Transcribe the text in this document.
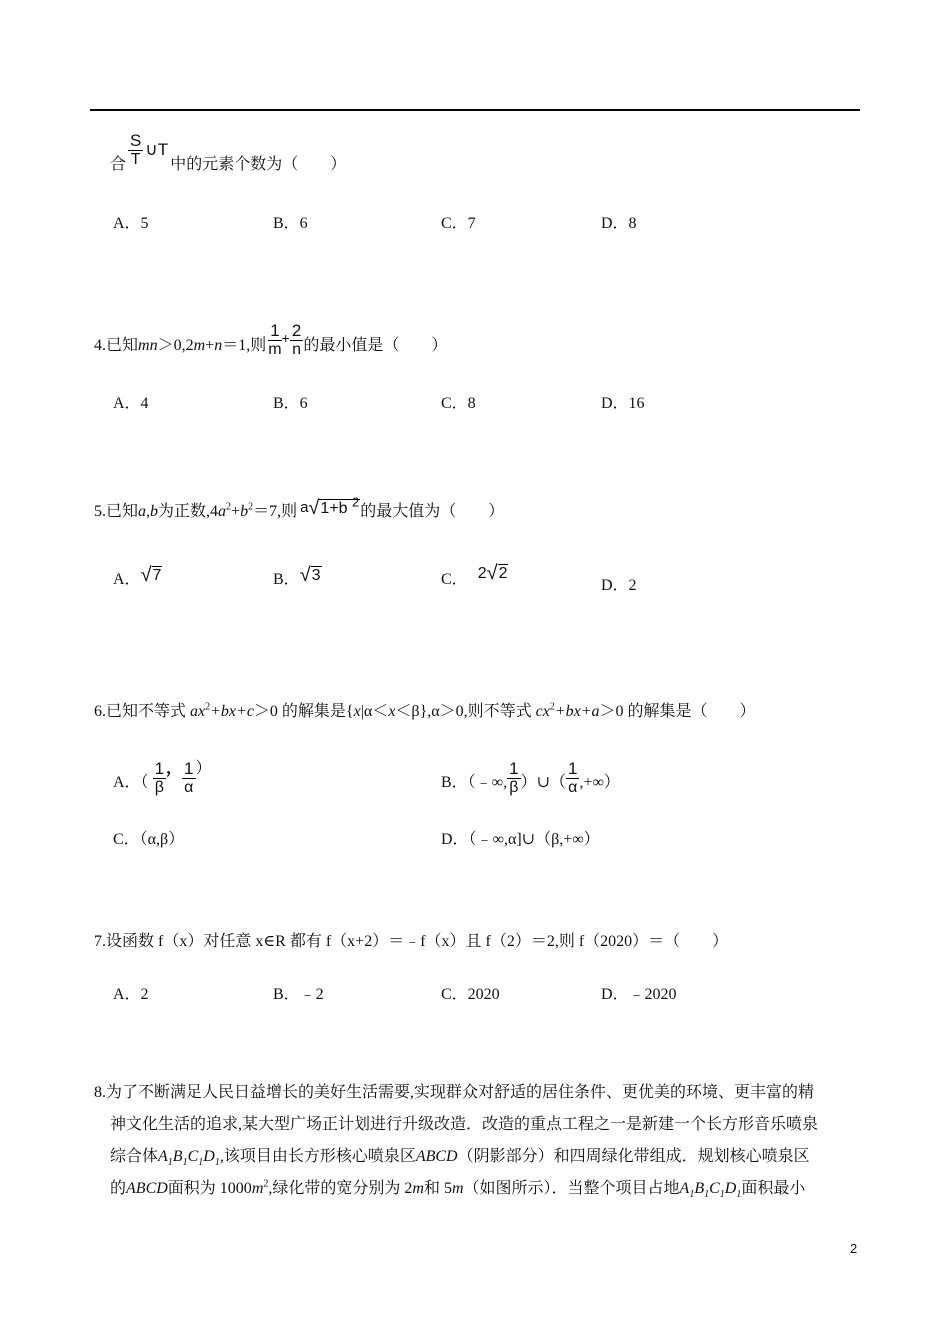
合 $\frac{S}{T}$ ∪T
中的元素个数为（　　）
A．5	B．6	C．7	D．8
4.已知mn＞0,2m+n＝1,则 $\frac{1}{m} + \frac{2}{n}$ 的最小值是（　　）
A．4	B．6	C．8	D．16
5.已知a,b为正数$,4a^2+b^2=7$,则 a √ 1+b $^2$
的最大值为（　　）
A． √ 7	B． √ 3	C． 2 √ 2
D．2
6.已知不等式 $ax^2+bx+c>0$ 的解集是{x|α＜x＜β},α＞0,则不等式 $cx^2+bx+a>0$ 的解集是（　　）
A．（ $\frac{1}{\beta}$ ， $\frac{1}{\alpha}$ ）
B．（﹣∞, $\frac{1}{\beta}$ ）∪（ $\frac{1}{\alpha}$ ,+∞）
C．（α,β）	D．（﹣∞,α]∪（β,+∞）
7.设函数 f（x）对任意 x∈R 都有 f（x+2）＝﹣f（x）且 f（2）＝2,则 f（2020）＝（　　）
A．2	B．﹣2	C．2020	D．﹣2020
8.为了不断满足人民日益增长的美好生活需要,实现群众对舒适的居住条件、更优美的环境、更丰富的精
神文化生活的追求,某大型广场正计划进行升级改造．改造的重点工程之一是新建一个长方形音乐喷泉
综合体$A_1B_1C_1D_1$,该项目由长方形核心喷泉区ABCD（阴影部分）和四周绿化带组成．规划核心喷泉区
的ABCD面积为 $1000m^2$,绿化带的宽分别为 2m和 5m（如图所示）．当整个项目占地$A_1B_1C_1D_1$面积最小
2
